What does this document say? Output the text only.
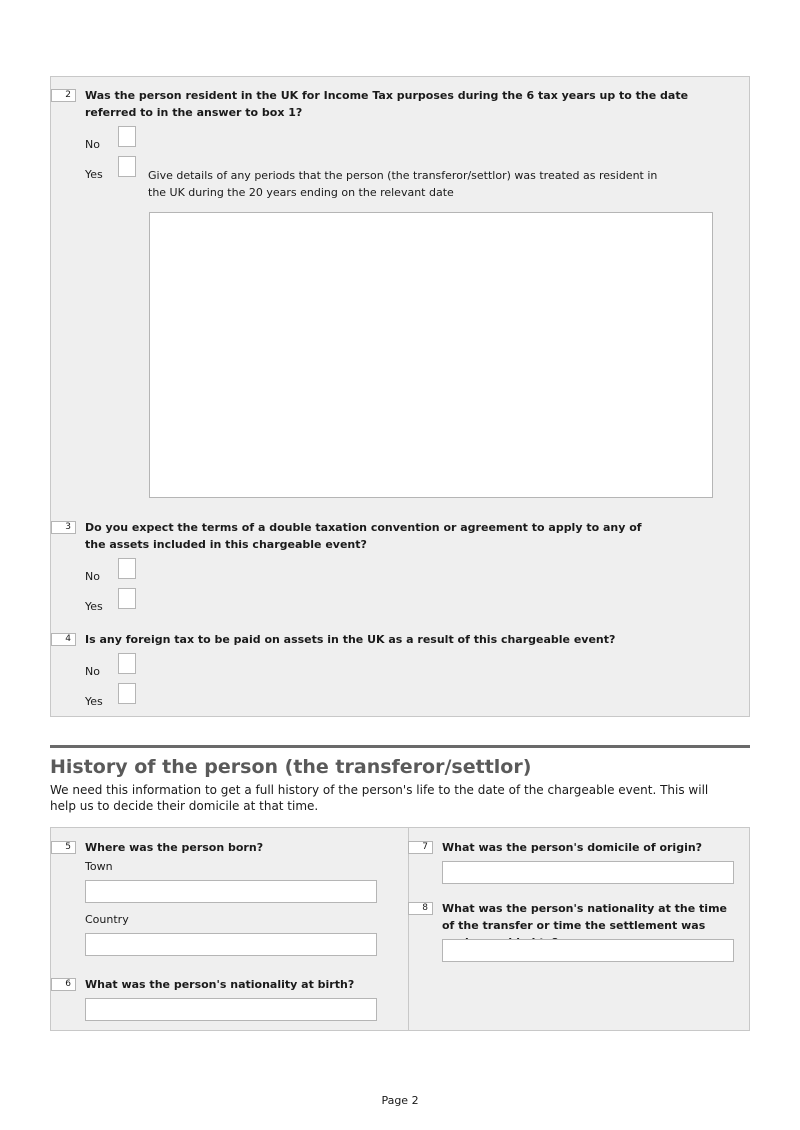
2	Was the person resident in the UK for Income Tax purposes during the 6 tax years up to the date referred to in the answer to box 1?
No
Yes	Give details of any periods that the person (the transferor/settlor) was treated as resident in the UK during the 20 years ending on the relevant date
3	Do you expect the terms of a double taxation convention or agreement to apply to any of the assets included in this chargeable event?
No
Yes
4	Is any foreign tax to be paid on assets in the UK as a result of this chargeable event?
No
Yes
History of the person (the transferor/settlor)
We need this information to get a full history of the person's life to the date of the chargeable event. This will help us to decide their domicile at that time.
5	Where was the person born?
Town
Country
6	What was the person's nationality at birth?
7	What was the person's domicile of origin?
8	What was the person's nationality at the time of the transfer or time the settlement was
Page 2
